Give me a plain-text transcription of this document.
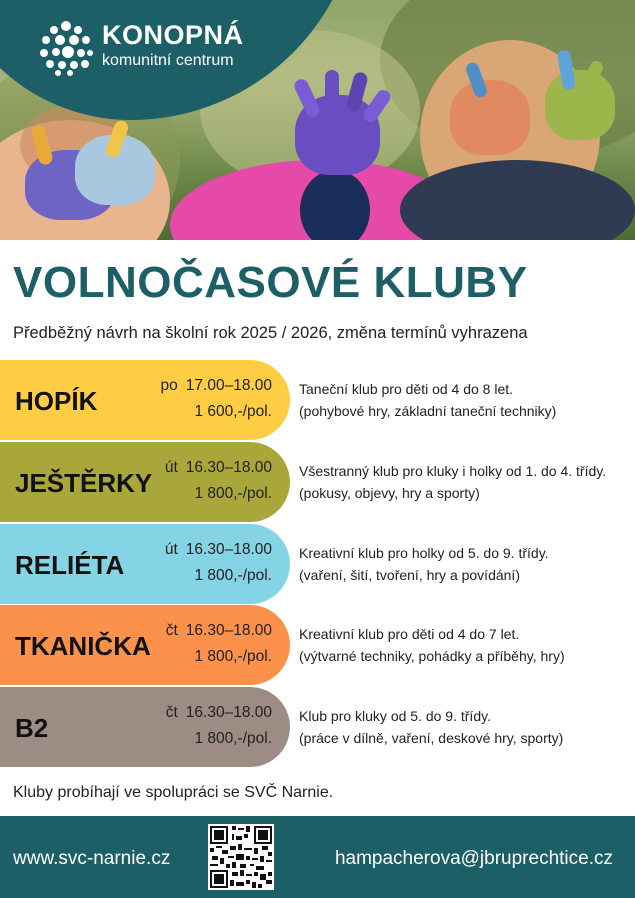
KONOPNÁ
komunitní centrum
VOLNOČASOVÉ KLUBY
Předběžný návrh na školní rok 2025 / 2026, změna termínů vyhrazena
HOPÍK
po 17.00–18.00
1 600,-/pol.
Taneční klub pro děti od 4 do 8 let.
(pohybové hry, základní taneční techniky)
JEŠTĚRKY
út 16.30–18.00
1 800,-/pol.
Všestranný klub pro kluky i holky od 1. do 4. třídy.
(pokusy, objevy, hry a sporty)
RELIÉTA
út 16.30–18.00
1 800,-/pol.
Kreativní klub pro holky od 5. do 9. třídy.
(vaření, šití, tvoření, hry a povídání)
TKANIČKA
čt 16.30–18.00
1 800,-/pol.
Kreativní klub pro děti od 4 do 7 let.
(výtvarné techniky, pohádky a příběhy, hry)
B2
čt 16.30–18.00
1 800,-/pol.
Klub pro kluky od 5. do 9. třídy.
(práce v dílně, vaření, deskové hry, sporty)
Kluby probíhají ve spolupráci se SVČ Narnie.
www.svc-narnie.cz	hampacherova@jbruprechtice.cz
